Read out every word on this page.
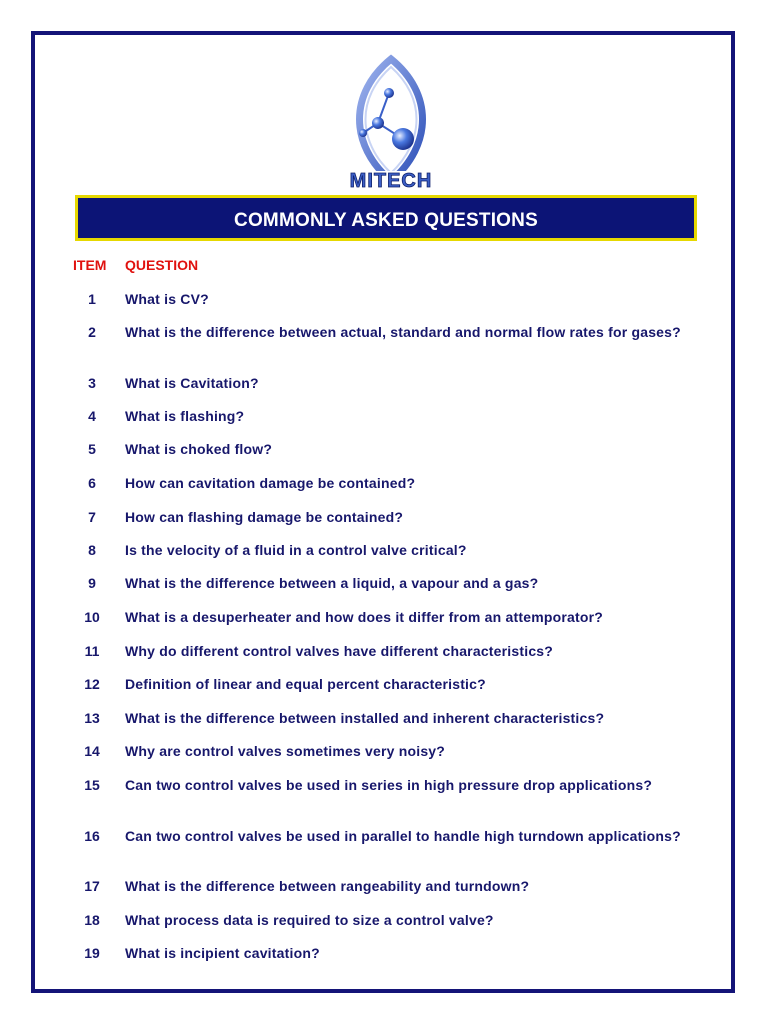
MITECH
COMMONLY ASKED QUESTIONS
ITEM QUESTION
1	What is CV?
2	What is the difference between actual, standard and normal flow rates for gases?
3	What is Cavitation?
4	What is flashing?
5	What is choked flow?
6	How can cavitation damage be contained?
7	How can flashing damage be contained?
8	Is the velocity of a fluid in a control valve critical?
9	What is the difference between a liquid, a vapour and a gas?
10 What is a desuperheater and how does it differ from an attemporator?
11 Why do different control valves have different characteristics?
12 Definition of linear and equal percent characteristic?
13 What is the difference between installed and inherent characteristics?
14 Why are control valves sometimes very noisy?
15 Can two control valves be used in series in high pressure drop applications?
16 Can two control valves be used in parallel to handle high turndown applications?
17 What is the difference between rangeability and turndown?
18 What process data is required to size a control valve?
19 What is incipient cavitation?
